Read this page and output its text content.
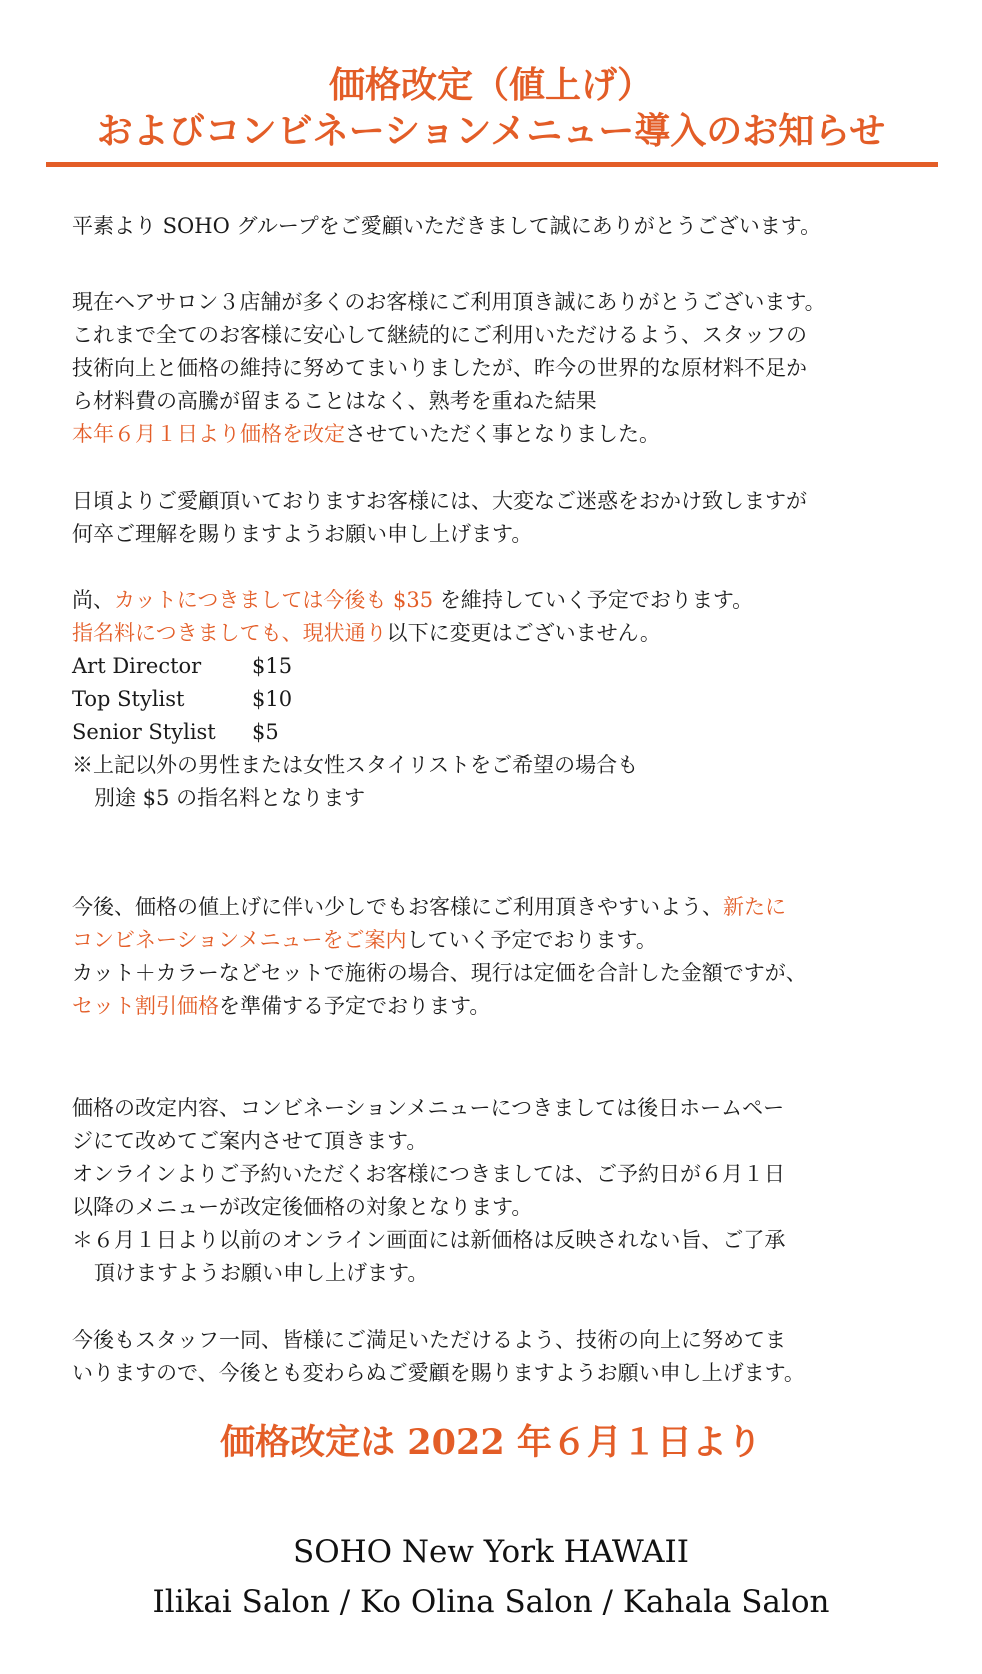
価格改定（値上げ）
およびコンビネーションメニュー導入のお知らせ

平素より SOHO グループをご愛顧いただきまして誠にありがとうございます。

現在ヘアサロン３店舗が多くのお客様にご利用頂き誠にありがとうございます。
これまで全てのお客様に安心して継続的にご利用いただけるよう、スタッフの
技術向上と価格の維持に努めてまいりましたが、昨今の世界的な原材料不足か
ら材料費の高騰が留まることはなく、熟考を重ねた結果
本年６月１日より価格を改定させていただく事となりました。

日頃よりご愛顧頂いておりますお客様には、大変なご迷惑をおかけ致しますが
何卒ご理解を賜りますようお願い申し上げます。

尚、カットにつきましては今後も $35 を維持していく予定でおります。
指名料につきましても、現状通り以下に変更はございません。
Art Director $15
Top Stylist	$10
Senior Stylist $5
※上記以外の男性または女性スタイリストをご希望の場合も
別途 $5 の指名料となります

今後、価格の値上げに伴い少しでもお客様にご利用頂きやすいよう、新たに
コンビネーションメニューをご案内していく予定でおります。
カット＋カラーなどセットで施術の場合、現行は定価を合計した金額ですが、
セット割引価格を準備する予定でおります。

価格の改定内容、コンビネーションメニューにつきましては後日ホームペー
ジにて改めてご案内させて頂きます。
オンラインよりご予約いただくお客様につきましては、ご予約日が６月１日
以降のメニューが改定後価格の対象となります。
＊６月１日より以前のオンライン画面には新価格は反映されない旨、ご了承
頂けますようお願い申し上げます。

今後もスタッフ一同、皆様にご満足いただけるよう、技術の向上に努めてま
いりますので、今後とも変わらぬご愛顧を賜りますようお願い申し上げます。

価格改定は 2022 年６月１日より

SOHO New York HAWAII

Ilikai Salon / Ko Olina Salon / Kahala Salon
